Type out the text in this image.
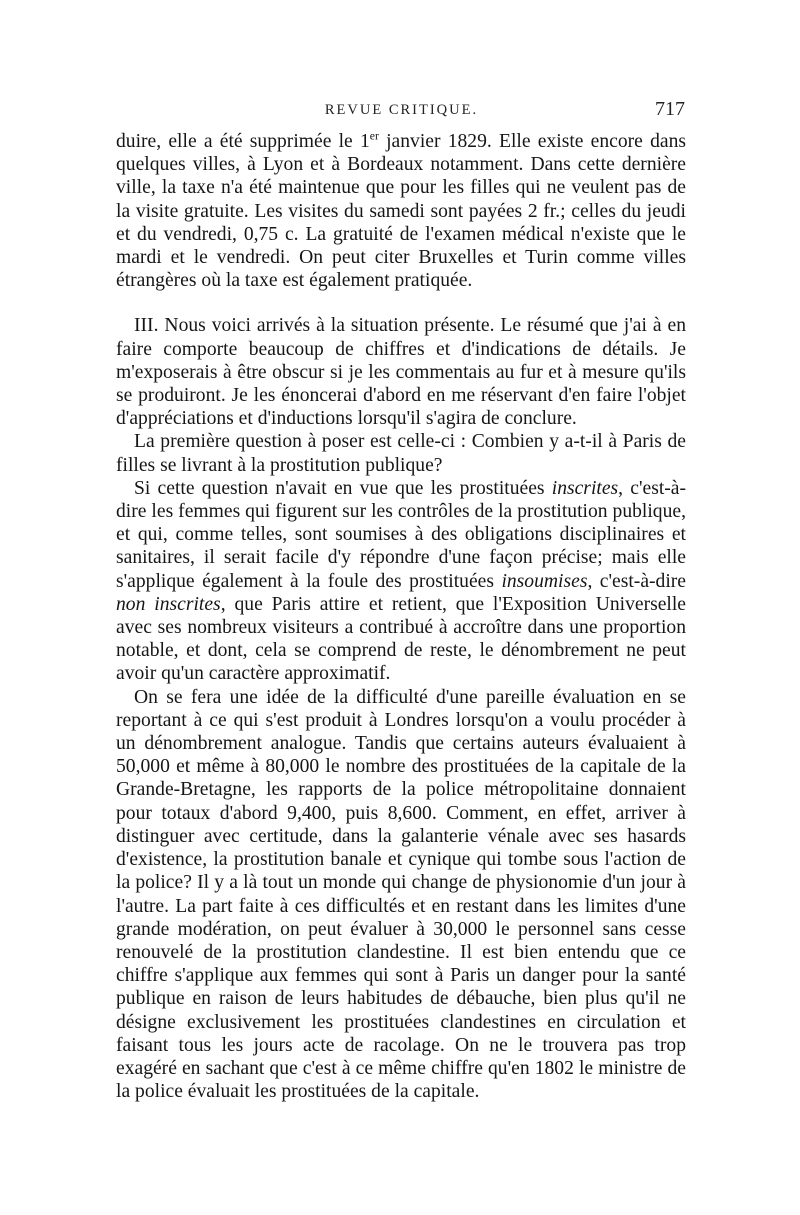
REVUE CRITIQUE.	717

duire, elle a été supprimée le 1er janvier 1829. Elle existe encore dans quelques villes, à Lyon et à Bordeaux notamment. Dans cette dernière ville, la taxe n'a été maintenue que pour les filles qui ne veulent pas de la visite gratuite. Les visites du samedi sont payées 2 fr.; celles du jeudi et du vendredi, 0,75 c. La gratuité de l'examen médical n'existe que le mardi et le vendredi. On peut citer Bruxelles et Turin comme villes étrangères où la taxe est également pratiquée.

III. Nous voici arrivés à la situation présente. Le résumé que j'ai à en faire comporte beaucoup de chiffres et d'indications de détails. Je m'exposerais à être obscur si je les commentais au fur et à mesure qu'ils se produiront. Je les énoncerai d'abord en me réservant d'en faire l'objet d'appréciations et d'inductions lorsqu'il s'agira de conclure.

La première question à poser est celle-ci : Combien y a-t-il à Paris de filles se livrant à la prostitution publique?

Si cette question n'avait en vue que les prostituées inscrites, c'est-à-dire les femmes qui figurent sur les contrôles de la prostitution publique, et qui, comme telles, sont soumises à des obligations disciplinaires et sanitaires, il serait facile d'y répondre d'une façon précise; mais elle s'applique également à la foule des prostituées insoumises, c'est-à-dire non inscrites, que Paris attire et retient, que l'Exposition Universelle avec ses nombreux visiteurs a contribué à accroître dans une proportion notable, et dont, cela se comprend de reste, le dénombrement ne peut avoir qu'un caractère approximatif.

On se fera une idée de la difficulté d'une pareille évaluation en se reportant à ce qui s'est produit à Londres lorsqu'on a voulu procéder à un dénombrement analogue. Tandis que certains auteurs évaluaient à 50,000 et même à 80,000 le nombre des prostituées de la capitale de la Grande-Bretagne, les rapports de la police métropolitaine donnaient pour totaux d'abord 9,400, puis 8,600. Comment, en effet, arriver à distinguer avec certitude, dans la galanterie vénale avec ses hasards d'existence, la prostitution banale et cynique qui tombe sous l'action de la police? Il y a là tout un monde qui change de physionomie d'un jour à l'autre. La part faite à ces difficultés et en restant dans les limites d'une grande modération, on peut évaluer à 30,000 le personnel sans cesse renouvelé de la prostitution clandestine. Il est bien entendu que ce chiffre s'applique aux femmes qui sont à Paris un danger pour la santé publique en raison de leurs habitudes de débauche, bien plus qu'il ne désigne exclusivement les prostituées clandestines en circulation et faisant tous les jours acte de racolage. On ne le trouvera pas trop exagéré en sachant que c'est à ce même chiffre qu'en 1802 le ministre de la police évaluait les prostituées de la capitale.
